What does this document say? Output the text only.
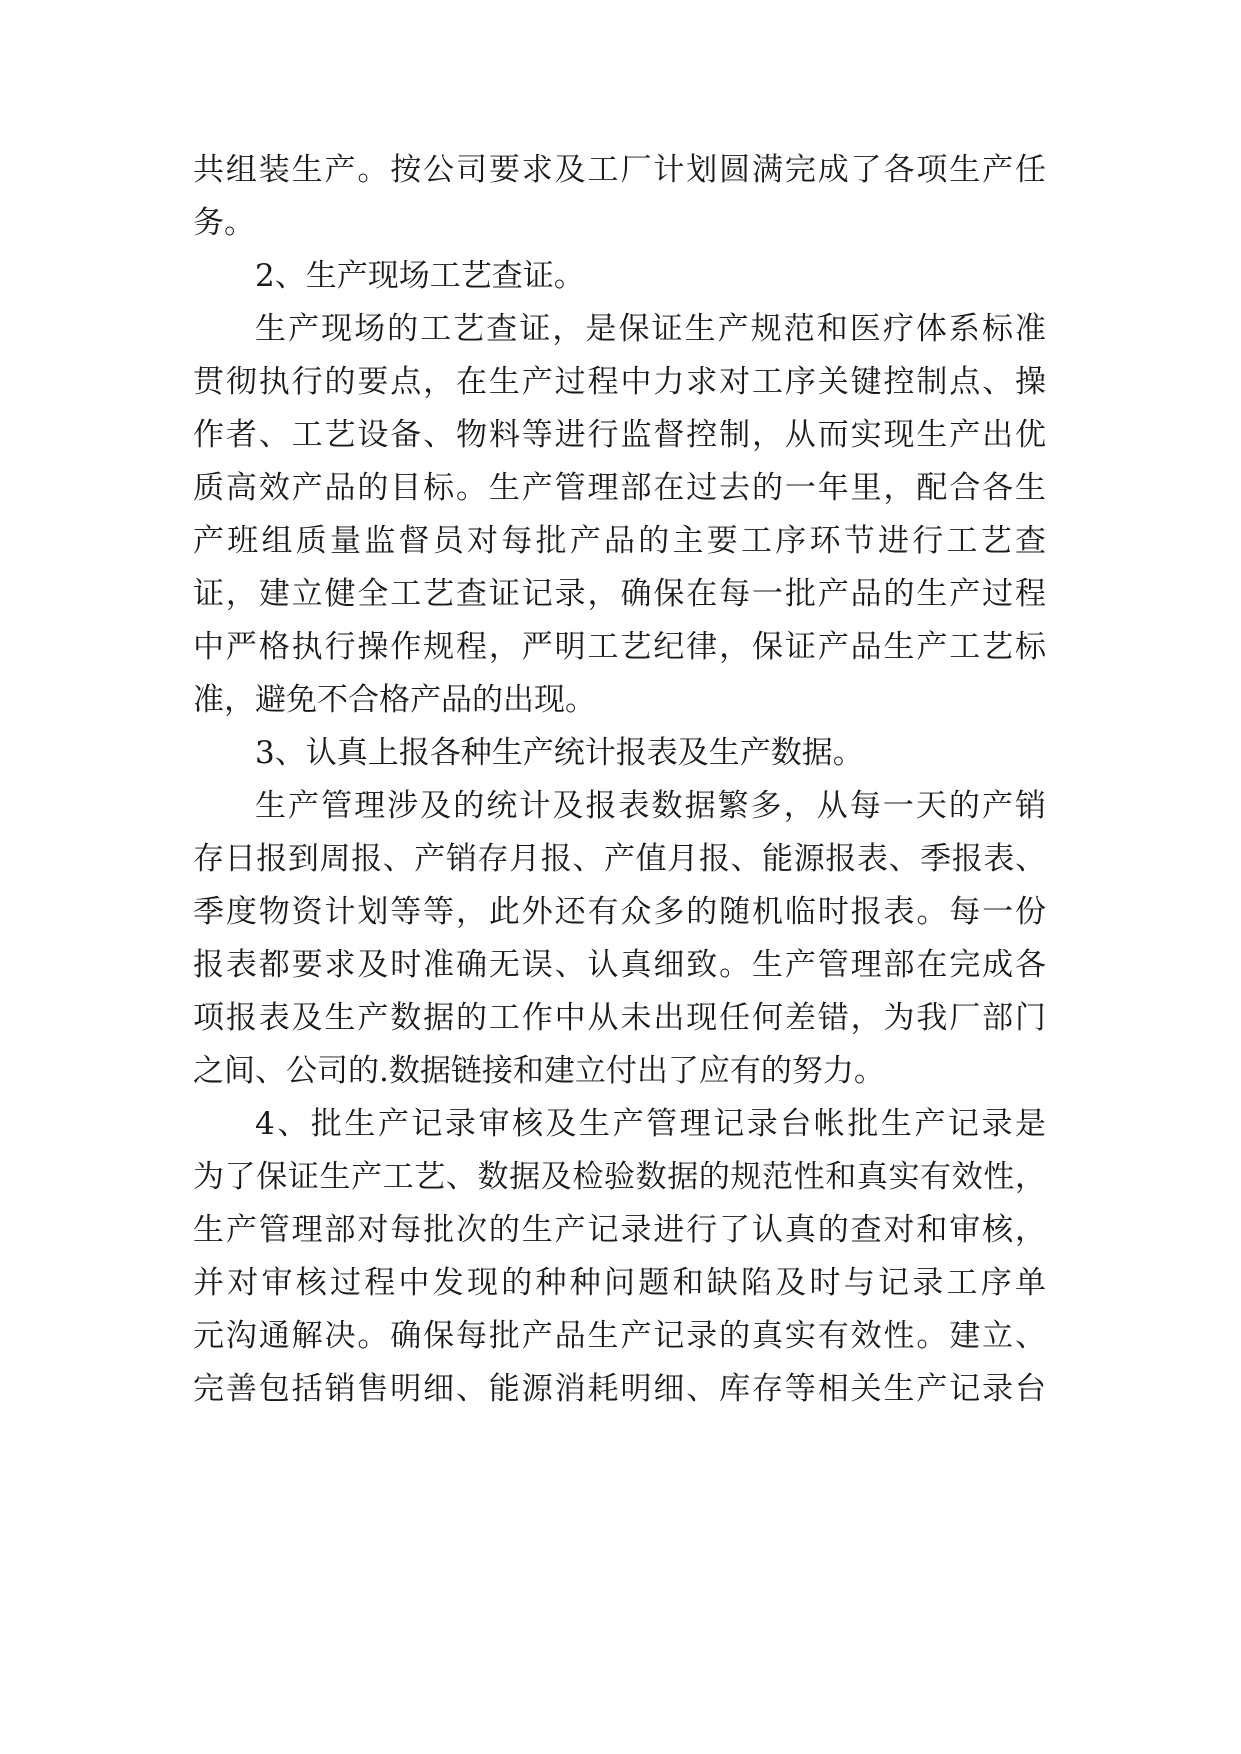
共组装生产。按公司要求及工厂计划圆满完成了各项生产任
务。
2、生产现场工艺查证。
生产现场的工艺查证，是保证生产规范和医疗体系标准
贯彻执行的要点，在生产过程中力求对工序关键控制点、操
作者、工艺设备、物料等进行监督控制，从而实现生产出优
质高效产品的目标。生产管理部在过去的一年里，配合各生
产班组质量监督员对每批产品的主要工序环节进行工艺查
证，建立健全工艺查证记录，确保在每一批产品的生产过程
中严格执行操作规程，严明工艺纪律，保证产品生产工艺标
准，避免不合格产品的出现。
3、认真上报各种生产统计报表及生产数据。
生产管理涉及的统计及报表数据繁多，从每一天的产销
存日报到周报、产销存月报、产值月报、能源报表、季报表、
季度物资计划等等，此外还有众多的随机临时报表。每一份
报表都要求及时准确无误、认真细致。生产管理部在完成各
项报表及生产数据的工作中从未出现任何差错，为我厂部门
之间、公司的.数据链接和建立付出了应有的努力。
4、批生产记录审核及生产管理记录台帐批生产记录是
为了保证生产工艺、数据及检验数据的规范性和真实有效性，
生产管理部对每批次的生产记录进行了认真的查对和审核，
并对审核过程中发现的种种问题和缺陷及时与记录工序单
元沟通解决。确保每批产品生产记录的真实有效性。建立、
完善包括销售明细、能源消耗明细、库存等相关生产记录台
